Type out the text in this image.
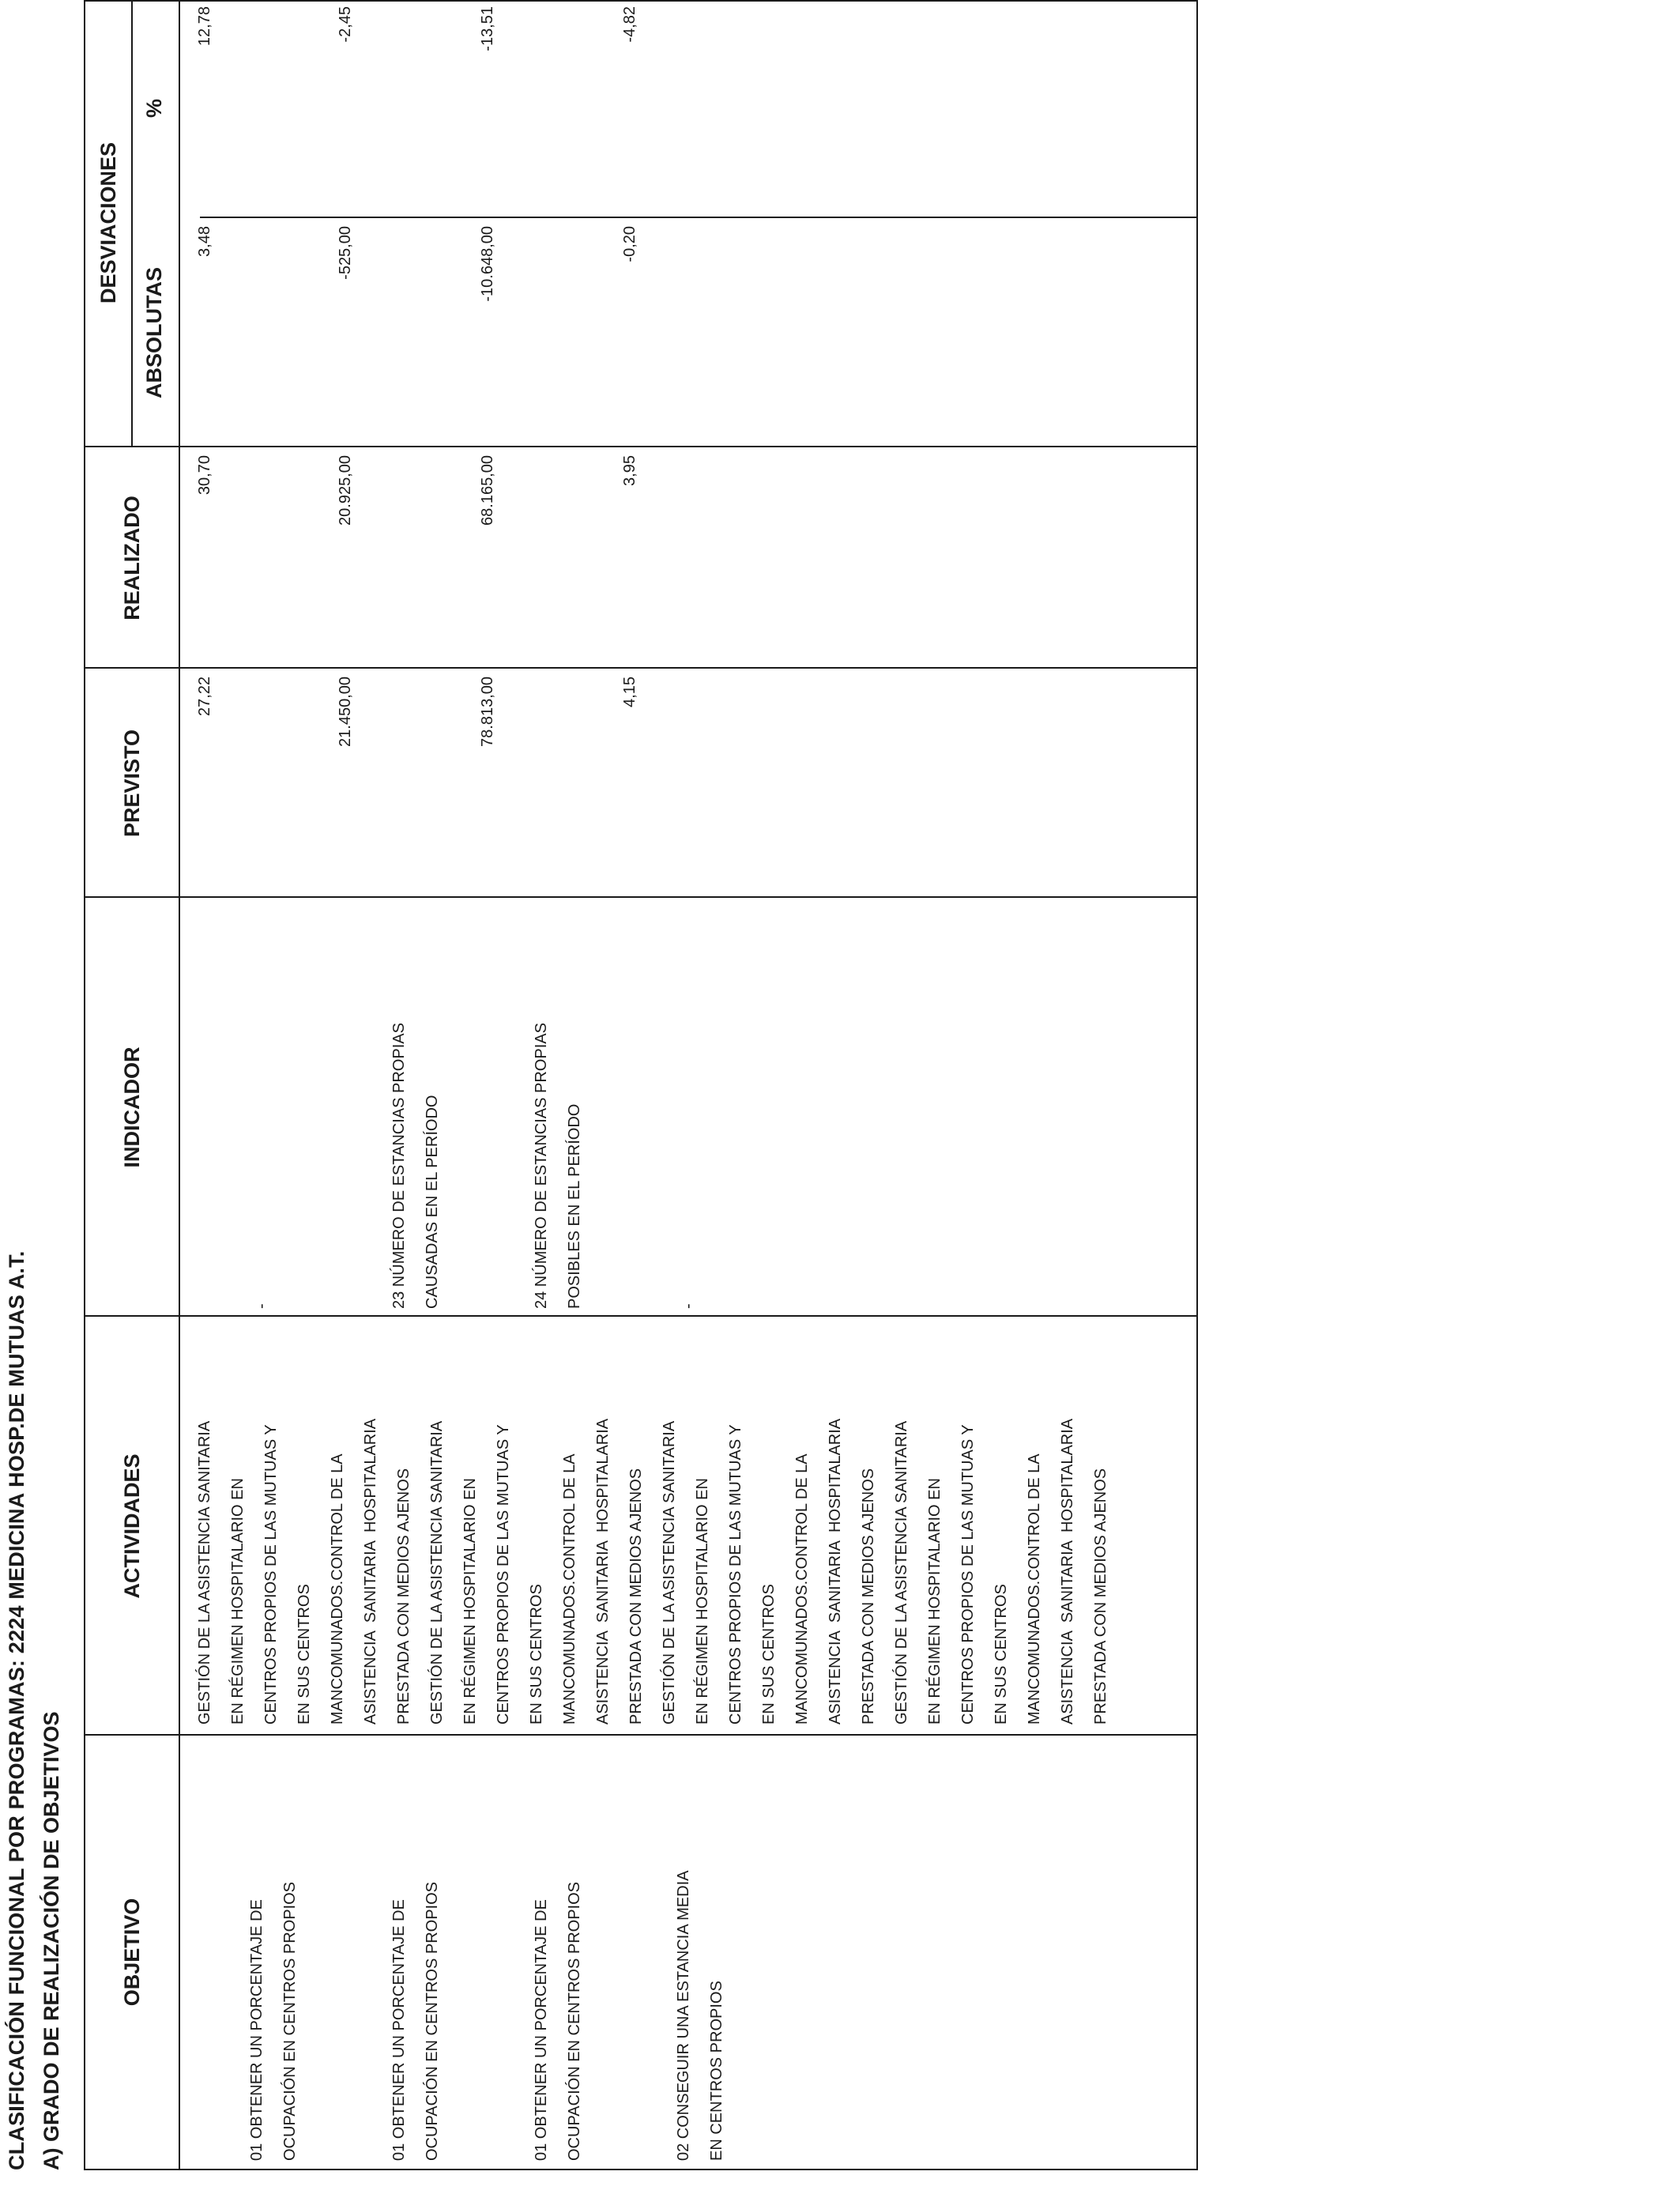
CLASIFICACIÓN FUNCIONAL POR PROGRAMAS: 2224 MEDICINA HOSP.DE MUTUAS A.T. A) GRADO DE REALIZACIÓN DE OBJETIVOS	OBJETIVO
ACTIVIDADES
INDICADOR
PREVISTO
REALIZADO
DESVIACIONES
ABSOLUTAS
%
GESTIÓN DE LA ASISTENCIA SANITARIA
EN RÉGIMEN HOSPITALARIO EN
CENTROS PROPIOS DE LAS MUTUAS Y
EN SUS CENTROS
MANCOMUNADOS.CONTROL DE LA
ASISTENCIA  SANITARIA  HOSPITALARIA
PRESTADA CON MEDIOS AJENOS
GESTIÓN DE LA ASISTENCIA SANITARIA
EN RÉGIMEN HOSPITALARIO EN
CENTROS PROPIOS DE LAS MUTUAS Y
EN SUS CENTROS
MANCOMUNADOS.CONTROL DE LA
ASISTENCIA  SANITARIA  HOSPITALARIA
PRESTADA CON MEDIOS AJENOS
GESTIÓN DE LA ASISTENCIA SANITARIA
EN RÉGIMEN HOSPITALARIO EN
CENTROS PROPIOS DE LAS MUTUAS Y
EN SUS CENTROS
MANCOMUNADOS.CONTROL DE LA
ASISTENCIA  SANITARIA  HOSPITALARIA
PRESTADA CON MEDIOS AJENOS
GESTIÓN DE LA ASISTENCIA SANITARIA
EN RÉGIMEN HOSPITALARIO EN
CENTROS PROPIOS DE LAS MUTUAS Y
EN SUS CENTROS
MANCOMUNADOS.CONTROL DE LA
ASISTENCIA  SANITARIA  HOSPITALARIA
PRESTADA CON MEDIOS AJENOS
01 OBTENER UN PORCENTAJE DE
OCUPACIÓN EN CENTROS PROPIOS
-
27,22
30,70
3,48
12,78
01 OBTENER UN PORCENTAJE DE
OCUPACIÓN EN CENTROS PROPIOS
23 NÚMERO DE ESTANCIAS PROPIAS
CAUSADAS EN EL PERÍODO
21.450,00
20.925,00
-525,00
-2,45
01 OBTENER UN PORCENTAJE DE
OCUPACIÓN EN CENTROS PROPIOS
24 NÚMERO DE ESTANCIAS PROPIAS
POSIBLES EN EL PERÍODO
78.813,00
68.165,00
-10.648,00
-13,51
02 CONSEGUIR UNA ESTANCIA MEDIA
EN CENTROS PROPIOS
-
4,15
3,95
-0,20
-4,82
